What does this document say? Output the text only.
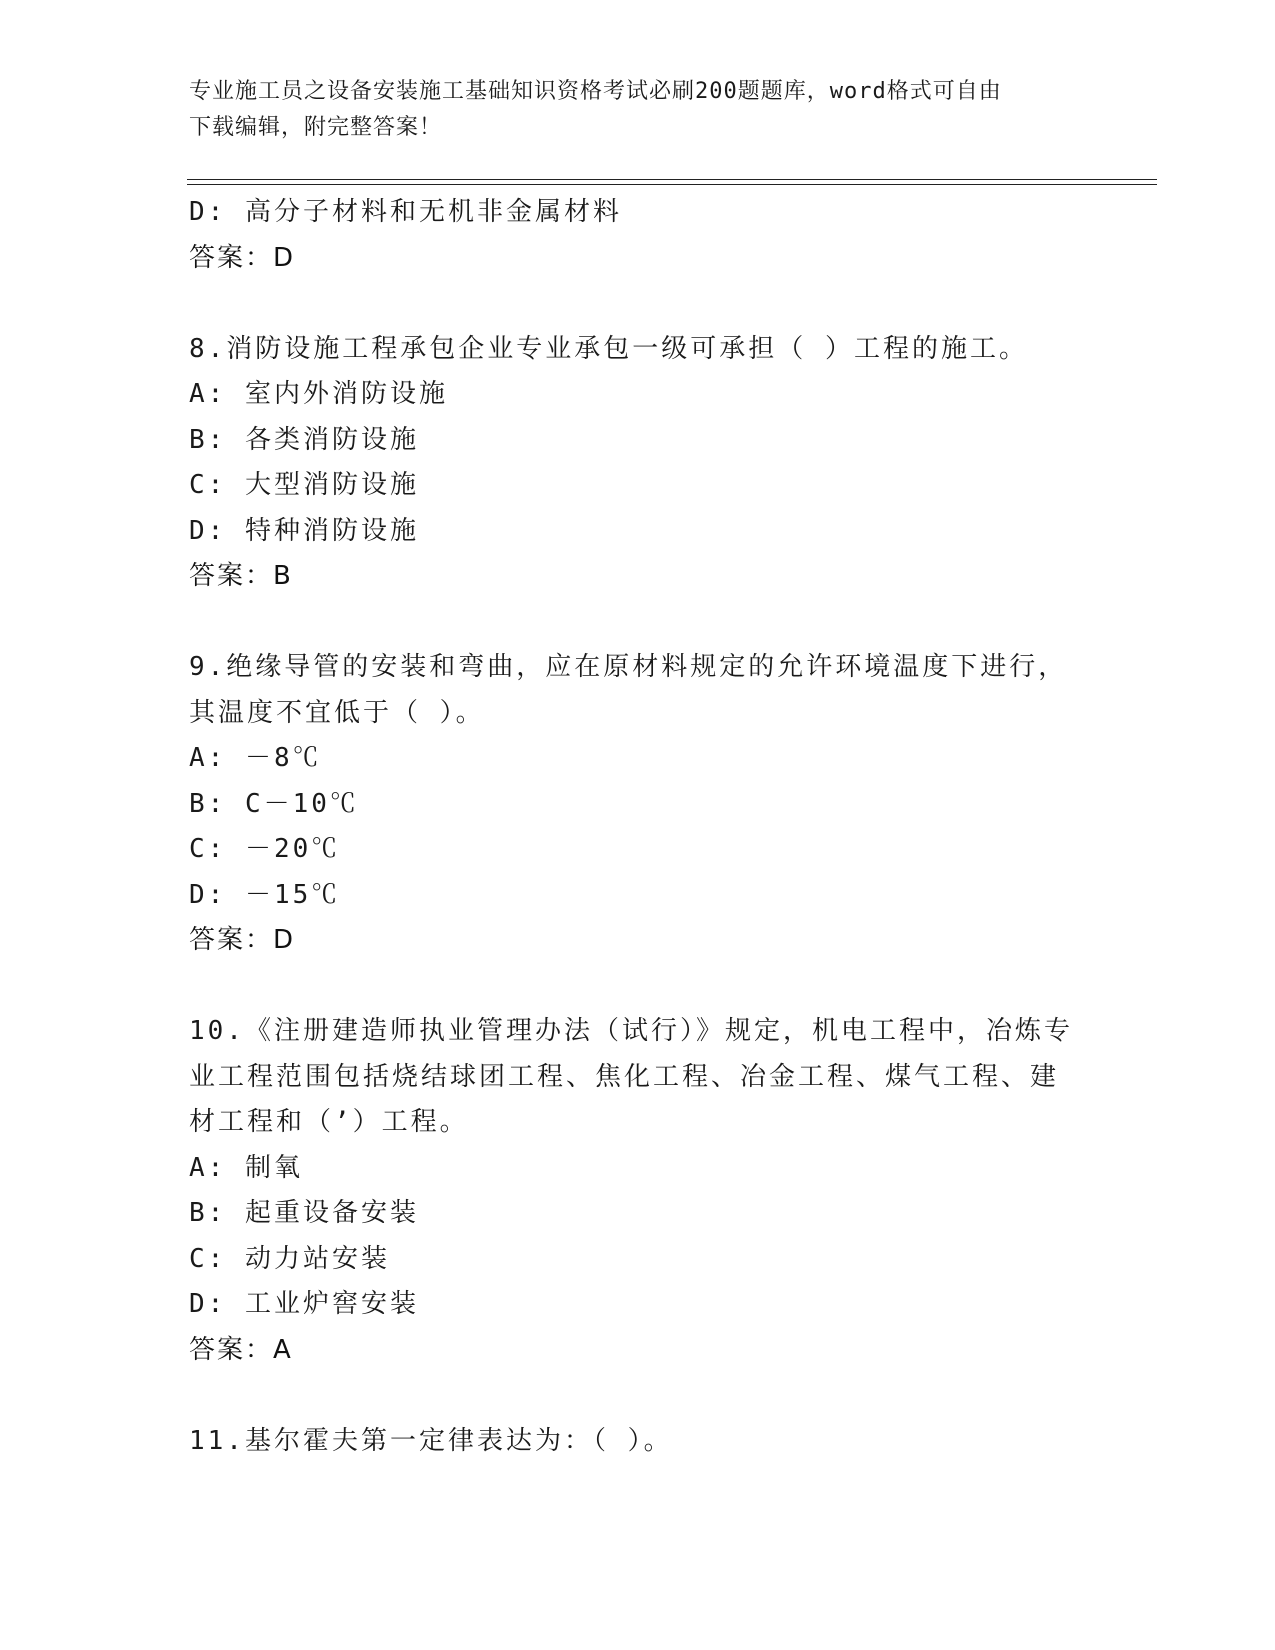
专业施工员之设备安装施工基础知识资格考试必刷200题题库，word格式可自由
下载编辑，附完整答案！
D: 高分子材料和无机非金属材料
答案：D
8.消防设施工程承包企业专业承包一级可承担（ ）工程的施工。
A: 室内外消防设施
B: 各类消防设施
C: 大型消防设施
D: 特种消防设施
答案：B
9.绝缘导管的安装和弯曲，应在原材料规定的允许环境温度下进行，
其温度不宜低于（ ）。
A: －8℃
B: C－10℃
C: －20℃
D: －15℃
答案：D
10.《注册建造师执业管理办法（试行）》规定，机电工程中，冶炼专
业工程范围包括烧结球团工程、焦化工程、冶金工程、煤气工程、建
材工程和（’）工程。
A: 制氧
B: 起重设备安装
C: 动力站安装
D: 工业炉窖安装
答案：A
11.基尔霍夫第一定律表达为：（ ）。
